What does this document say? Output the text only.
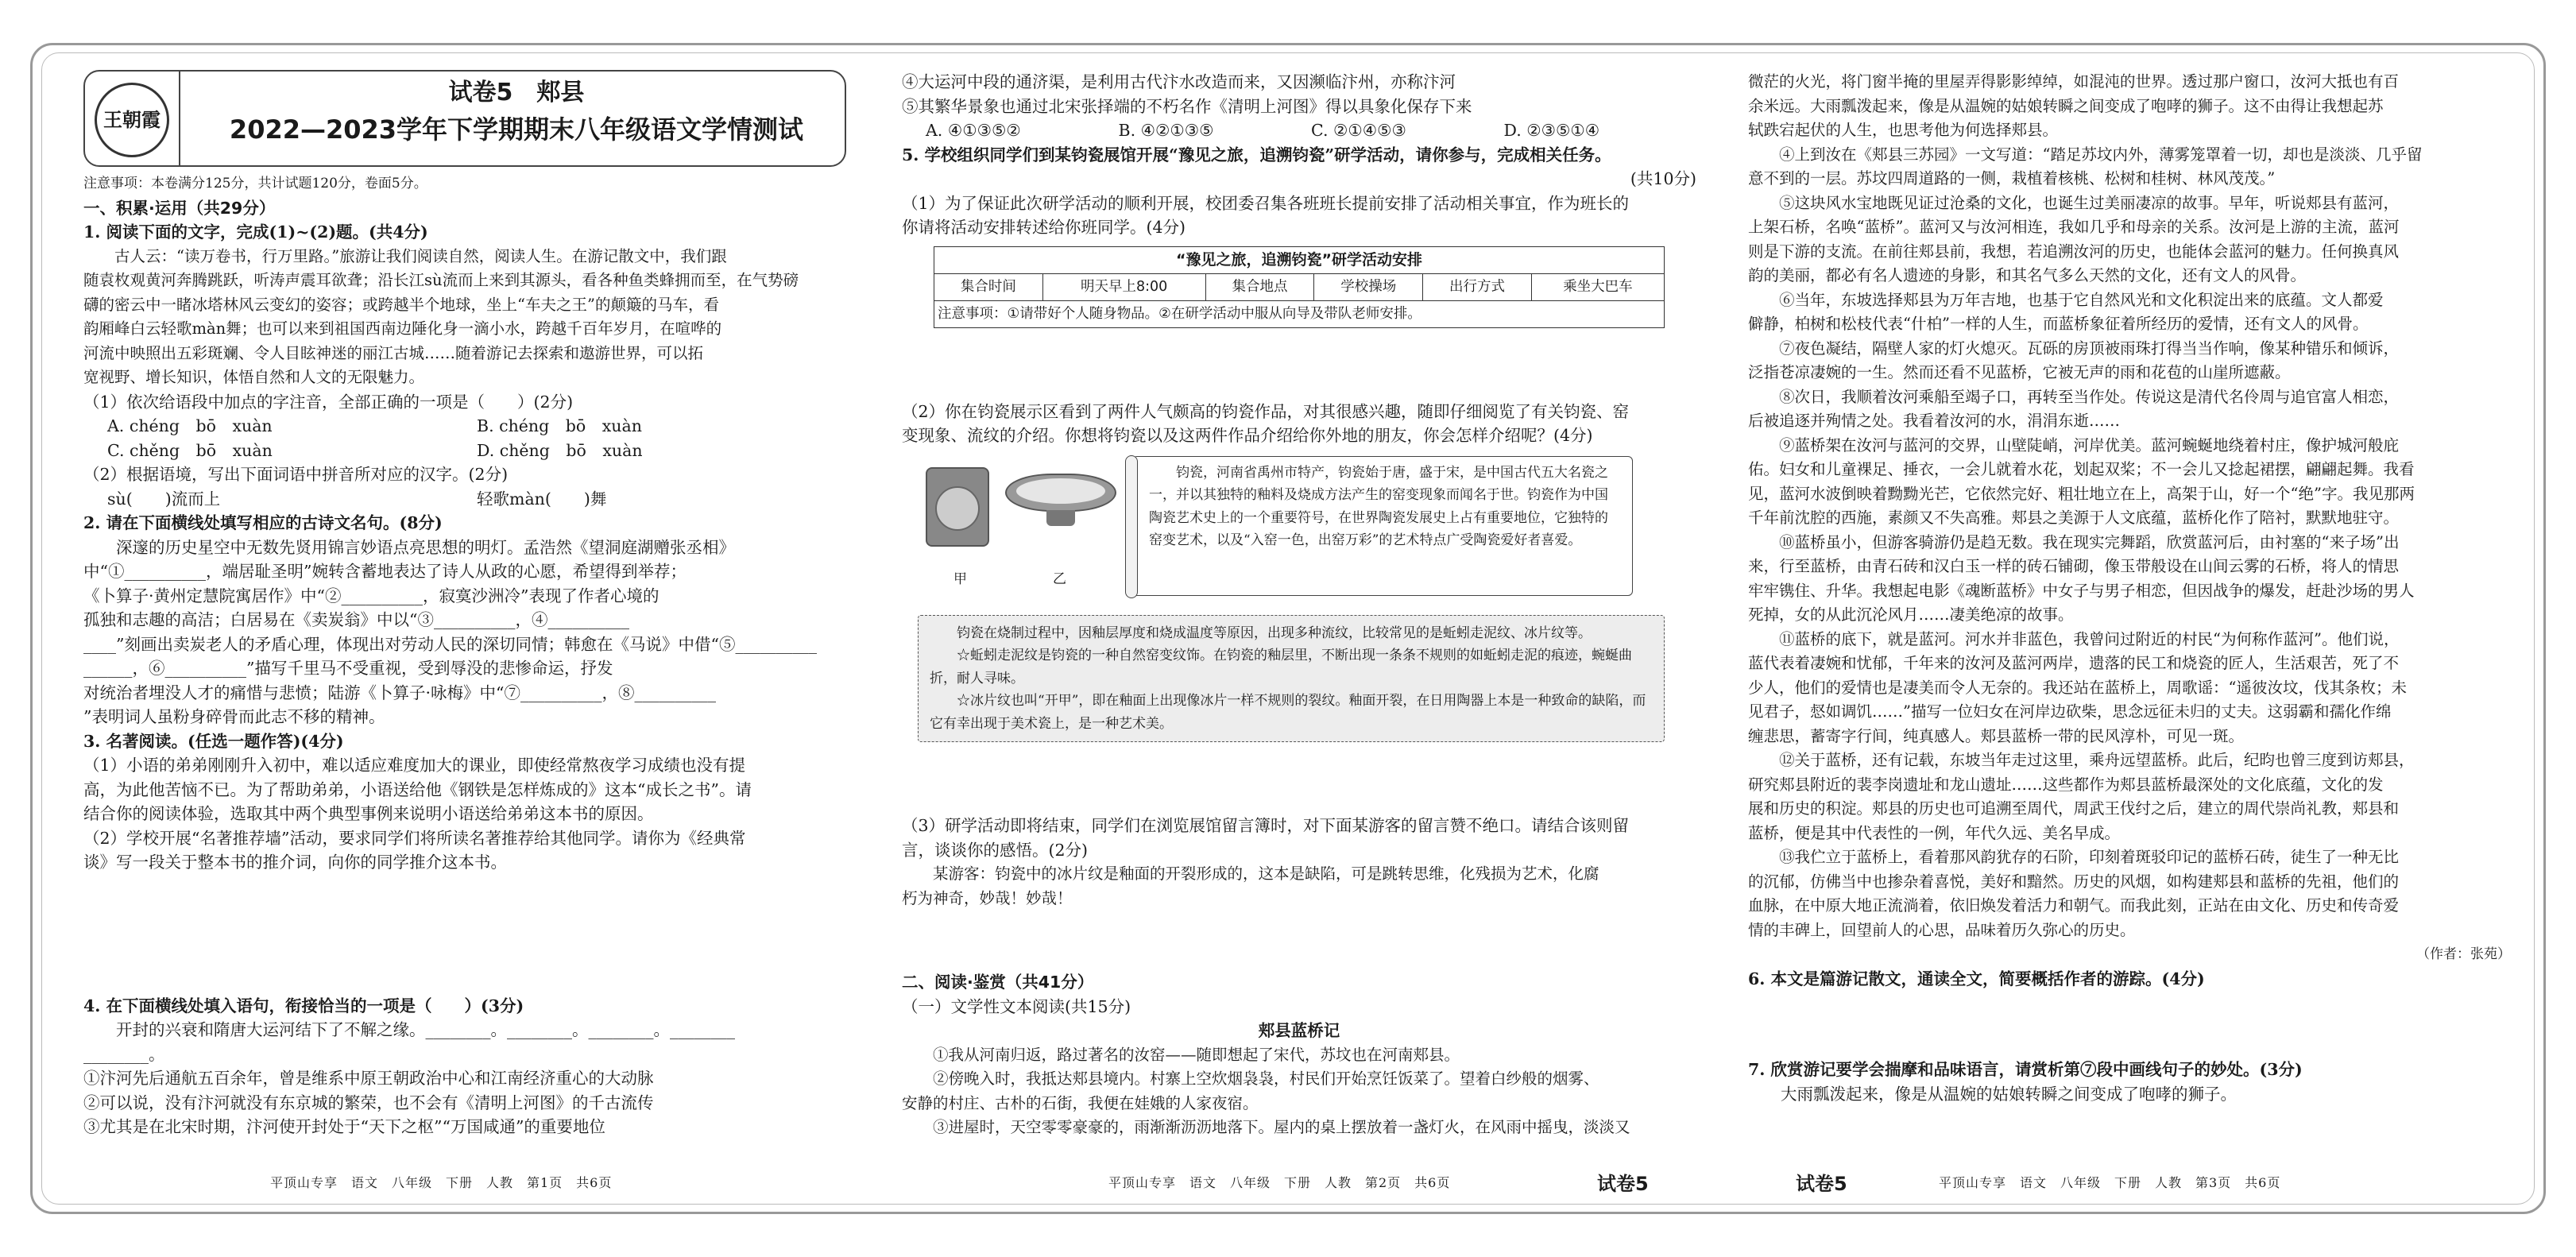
王朝霞
试卷5　郏县
2022—2023学年下学期期末八年级语文学情测试
注意事项：本卷满分125分，共计试题120分，卷面5分。
一、积累·运用（共29分）
1. 阅读下面的文字，完成(1)~(2)题。(共4分)
古人云：“读万卷书，行万里路。”旅游让我们阅读自然，阅读人生。在游记散文中，我们跟
随袁枚观黄河奔腾跳跃，听涛声震耳欲聋；沿长江sù流而上来到其源头，看各种鱼类蜂拥而至，在气势磅
礴的密云中一睹冰塔林风云变幻的姿容；或跨越半个地球，坐上“车夫之王”的颠簸的马车，看
韵厢峰白云轻歌màn舞；也可以来到祖国西南边陲化身一滴小水，跨越千百年岁月，在喧哗的
河流中映照出五彩斑斓、令人目眩神迷的丽江古城……随着游记去探索和遨游世界，可以拓
宽视野、增长知识，体悟自然和人文的无限魅力。
（1）依次给语段中加点的字注音，全部正确的一项是（　　）(2分)
A. chéng　bō　xuàn	B. chéng　bō　xuàn
C. chěng　bō　xuàn	D. chěng　bō　xuàn
（2）根据语境，写出下面词语中拼音所对应的汉字。(2分)
sù(　　)流而上	轻歌màn(　　)舞
2. 请在下面横线处填写相应的古诗文名句。(8分)
深邃的历史星空中无数先贤用锦言妙语点亮思想的明灯。孟浩然《望洞庭湖赠张丞相》
中“①__________，端居耻圣明”婉转含蓄地表达了诗人从政的心愿，希望得到举荐；
《卜算子·黄州定慧院寓居作》中“②__________，寂寞沙洲冷”表现了作者心境的
孤独和志趣的高洁；白居易在《卖炭翁》中以“③__________，④__________
____”刻画出卖炭老人的矛盾心理，体现出对劳动人民的深切同情；韩愈在《马说》中借“⑤__________
______，⑥__________”描写千里马不受重视，受到辱没的悲惨命运，抒发
对统治者埋没人才的痛惜与悲愤；陆游《卜算子·咏梅》中“⑦__________，⑧__________
”表明词人虽粉身碎骨而此志不移的精神。
3. 名著阅读。(任选一题作答)(4分)
（1）小语的弟弟刚刚升入初中，难以适应难度加大的课业，即使经常熬夜学习成绩也没有提
高，为此他苦恼不已。为了帮助弟弟，小语送给他《钢铁是怎样炼成的》这本“成长之书”。请
结合你的阅读体验，选取其中两个典型事例来说明小语送给弟弟这本书的原因。
（2）学校开展“名著推荐墙”活动，要求同学们将所读名著推荐给其他同学。请你为《经典常
谈》写一段关于整本书的推介词，向你的同学推介这本书。
4. 在下面横线处填入语句，衔接恰当的一项是（　　）(3分)
开封的兴衰和隋唐大运河结下了不解之缘。________。________。________。________
________。
①汴河先后通航五百余年，曾是维系中原王朝政治中心和江南经济重心的大动脉
②可以说，没有汴河就没有东京城的繁荣，也不会有《清明上河图》的千古流传
③尤其是在北宋时期，汴河使开封处于“天下之枢”“万国咸通”的重要地位
平顶山专享　语文　八年级　下册　人教　第1页　共6页
④大运河中段的通济渠，是利用古代汴水改造而来，又因濒临汴州，亦称汴河
⑤其繁华景象也通过北宋张择端的不朽名作《清明上河图》得以具象化保存下来
A. ④①③⑤②	B. ④②①③⑤	C. ②①④⑤③	D. ②③⑤①④
5. 学校组织同学们到某钧瓷展馆开展“豫见之旅，追溯钧瓷”研学活动，请你参与，完成相关任务。
(共10分)
（1）为了保证此次研学活动的顺利开展，校团委召集各班班长提前安排了活动相关事宜，作为班长的
你请将活动安排转述给你班同学。(4分)
“豫见之旅，追溯钧瓷”研学活动安排
集合时间	明天早上8:00	集合地点	学校操场	出行方式	乘坐大巴车
注意事项：①请带好个人随身物品。②在研学活动中服从向导及带队老师安排。
（2）你在钧瓷展示区看到了两件人气颇高的钧瓷作品，对其很感兴趣，随即仔细阅览了有关钧瓷、窑
变现象、流纹的介绍。你想将钧瓷以及这两件作品介绍给你外地的朋友，你会怎样介绍呢？(4分)
甲	乙
钧瓷，河南省禹州市特产，钧瓷始于唐，盛于宋，是中国古代五大名瓷之一，并以其独特的釉料及烧成方法产生的窑变现象而闻名于世。钧瓷作为中国陶瓷艺术史上的一个重要符号，在世界陶瓷发展史上占有重要地位，它独特的窑变艺术，以及“入窑一色，出窑万彩”的艺术特点广受陶瓷爱好者喜爱。
钧瓷在烧制过程中，因釉层厚度和烧成温度等原因，出现多种流纹，比较常见的是蚯蚓走泥纹、冰片纹等。
☆蚯蚓走泥纹是钧瓷的一种自然窑变纹饰。在钧瓷的釉层里，不断出现一条条不规则的如蚯蚓走泥的痕迹，蜿蜒曲折，耐人寻味。
☆冰片纹也叫“开甲”，即在釉面上出现像冰片一样不规则的裂纹。釉面开裂，在日用陶器上本是一种致命的缺陷，而它有幸出现于美术瓷上，是一种艺术美。
（3）研学活动即将结束，同学们在浏览展馆留言簿时，对下面某游客的留言赞不绝口。请结合该则留
言，谈谈你的感悟。(2分)
某游客：钧瓷中的冰片纹是釉面的开裂形成的，这本是缺陷，可是跳转思维，化残损为艺术，化腐
朽为神奇，妙哉！妙哉！
二、阅读·鉴赏（共41分）
（一）文学性文本阅读(共15分)
郏县蓝桥记
①我从河南归返，路过著名的汝窑——随即想起了宋代，苏坟也在河南郏县。
②傍晚入时，我抵达郏县境内。村寨上空炊烟袅袅，村民们开始烹饪饭菜了。望着白纱般的烟雾、
安静的村庄、古朴的石街，我便在娃娥的人家夜宿。
③进屋时，天空零零豪豪的，雨渐渐沥沥地落下。屋内的桌上摆放着一盏灯火，在风雨中摇曳，淡淡又
平顶山专享　语文　八年级　下册　人教　第2页　共6页	试卷5
微茫的火光，将门窗半掩的里屋弄得影影绰绰，如混沌的世界。透过那户窗口，汝河大抵也有百
余米远。大雨瓢泼起来，像是从温婉的姑娘转瞬之间变成了咆哮的狮子。这不由得让我想起苏
轼跌宕起伏的人生，也思考他为何选择郏县。
④上到汝在《郏县三苏园》一文写道：“踏足苏坟内外，薄雾笼罩着一切，却也是淡淡、几乎留
意不到的一层。苏坟四周道路的一侧，栽植着核桃、松树和桂树、林风茂茂。”
⑤这块风水宝地既见证过沧桑的文化，也诞生过美丽凄凉的故事。早年，听说郏县有蓝河，
上架石桥，名唤“蓝桥”。蓝河又与汝河相连，我如几乎和母亲的关系。汝河是上游的主流，蓝河
则是下游的支流。在前往郏县前，我想，若追溯汝河的历史，也能体会蓝河的魅力。任何换真风
韵的美丽，都必有名人遗迹的身影，和其名气多么天然的文化，还有文人的风骨。
⑥当年，东坡选择郏县为万年吉地，也基于它自然风光和文化积淀出来的底蕴。文人都爱
僻静，柏树和松枝代表“什柏”一样的人生，而蓝桥象征着所经历的爱情，还有文人的风骨。
⑦夜色凝结，隔壁人家的灯火熄灭。瓦砾的房顶被雨珠打得当当作响，像某种错乐和倾诉，
泛指苍凉凄婉的一生。然而还看不见蓝桥，它被无声的雨和花苞的山崖所遮蔽。
⑧次日，我顺着汝河乘船至竭子口，再转至当作处。传说这是清代名伶周与追官富人相恋，
后被追逐并殉情之处。我看着汝河的水，涓涓东逝……
⑨蓝桥架在汝河与蓝河的交界，山壁陡峭，河岸优美。蓝河蜿蜒地绕着村庄，像护城河般庇
佑。妇女和儿童裸足、捶衣，一会儿就着水花，划起双桨；不一会儿又捻起裙摆，翩翩起舞。我看
见，蓝河水波倒映着黝黝光芒，它依然完好、粗壮地立在上，高架于山，好一个“绝”字。我见那两
千年前沈腔的西施，素颜又不失高雅。郏县之美源于人文底蕴，蓝桥化作了陪衬，默默地驻守。
⑩蓝桥虽小，但游客骑游仍是趋无数。我在现实完舞蹈，欣赏蓝河后，由衬塞的“来子场”出
来，行至蓝桥，由青石砖和汉白玉一样的砖石铺砌，像玉带般设在山间云雾的石桥，将人的情思
牢牢镌住、升华。我想起电影《魂断蓝桥》中女子与男子相恋，但因战争的爆发，赶赴沙场的男人
死掉，女的从此沉沦风月……凄美绝凉的故事。
⑪蓝桥的底下，就是蓝河。河水并非蓝色，我曾问过附近的村民“为何称作蓝河”。他们说，
蓝代表着凄婉和忧郁，千年来的汝河及蓝河两岸，遗落的民工和烧瓷的匠人，生活艰苦，死了不
少人，他们的爱情也是凄美而令人无奈的。我还站在蓝桥上，周歌谣：“遥彼汝坟，伐其条枚；未
见君子，惄如调饥……”描写一位妇女在河岸边砍柴，思念远征未归的丈夫。这弱霸和孺化作绵
缠悲思，蓄寄字行间，纯真感人。郏县蓝桥一带的民风淳朴，可见一斑。
⑫关于蓝桥，还有记载，东坡当年走过这里，乘舟远望蓝桥。此后，纪昀也曾三度到访郏县，
研究郏县附近的裴李岗遗址和龙山遗址……这些都作为郏县蓝桥最深处的文化底蕴，文化的发
展和历史的积淀。郏县的历史也可追溯至周代，周武王伐纣之后，建立的周代崇尚礼教，郏县和
蓝桥，便是其中代表性的一例，年代久远、美名早成。
⑬我伫立于蓝桥上，看着那风韵犹存的石阶，印刻着斑驳印记的蓝桥石砖，徒生了一种无比
的沉郁，仿佛当中也掺杂着喜悦，美好和黯然。历史的风烟，如构建郏县和蓝桥的先祖，他们的
血脉，在中原大地正流淌着，依旧焕发着活力和朝气。而我此刻，正站在由文化、历史和传奇爱
情的丰碑上，回望前人的心思，品味着历久弥心的历史。
（作者：张苑）
6. 本文是篇游记散文，通读全文，简要概括作者的游踪。(4分)
7. 欣赏游记要学会揣摩和品味语言，请赏析第⑦段中画线句子的妙处。(3分)
大雨瓢泼起来，像是从温婉的姑娘转瞬之间变成了咆哮的狮子。
试卷5	平顶山专享　语文　八年级　下册　人教　第3页　共6页
